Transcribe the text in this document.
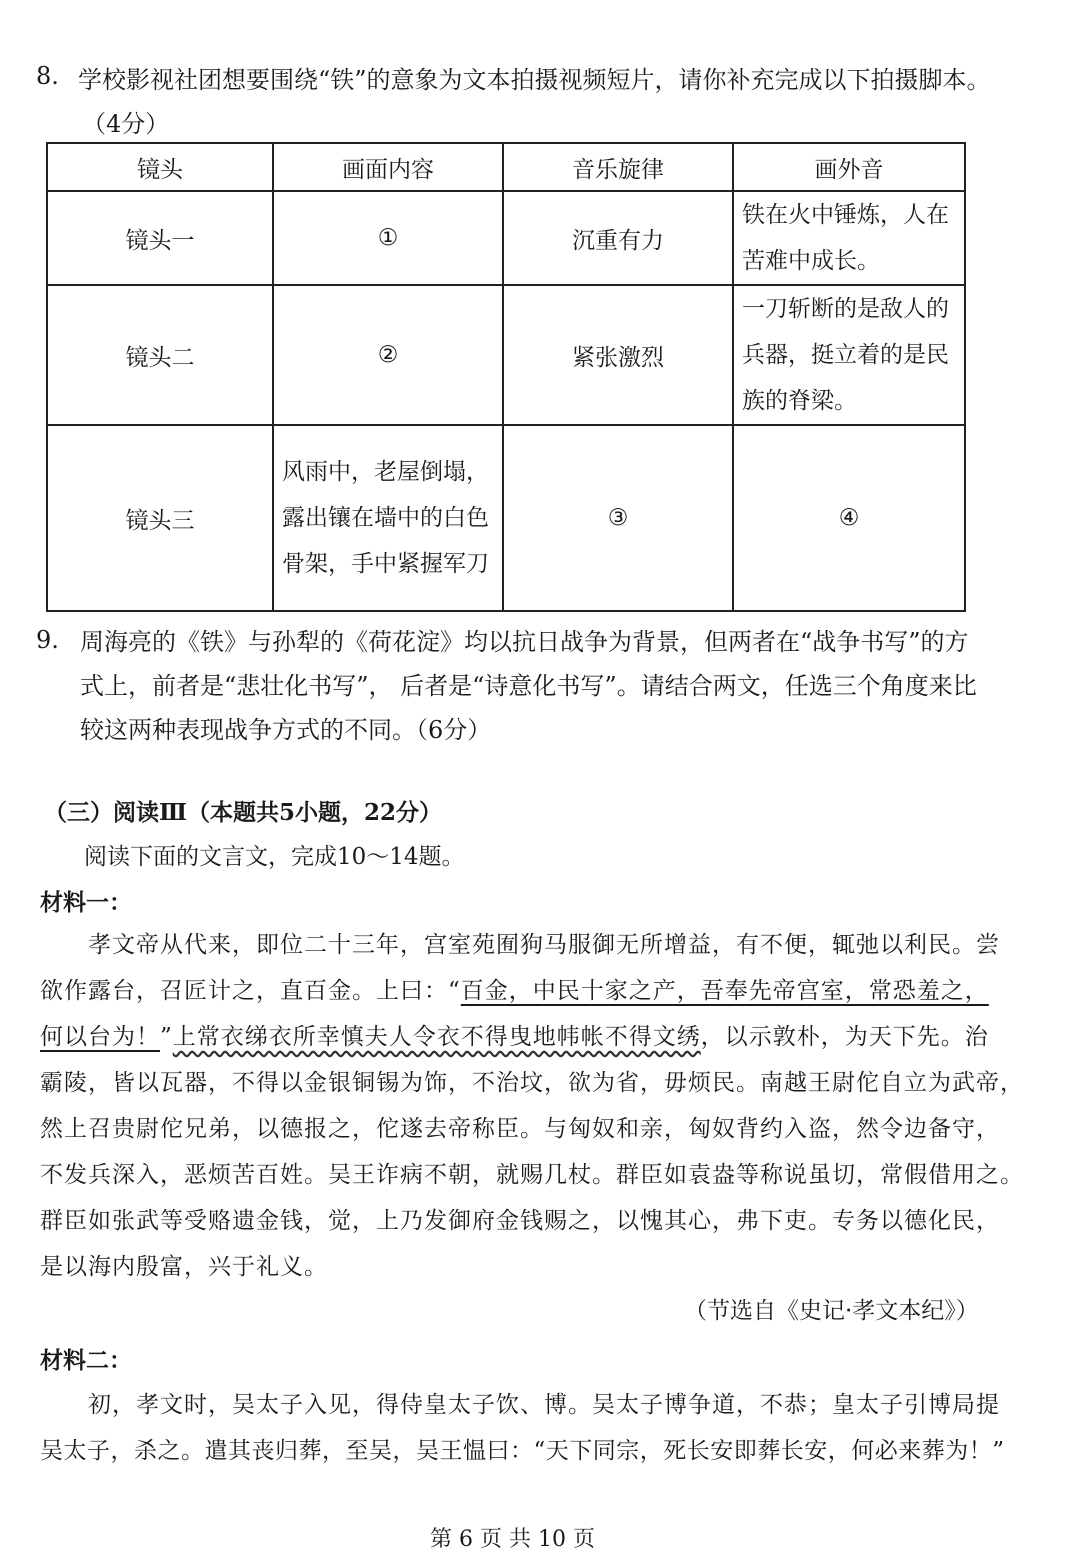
8. 学校影视社团想要围绕“铁”的意象为文本拍摄视频短片，请你补充完成以下拍摄脚本。
（4分）
镜头	画面内容	音乐旋律	画外音
镜头一	①	沉重有力	铁在火中锤炼，人在苦难中成长。
镜头二	②	紧张激烈	一刀斩断的是敌人的兵器，挺立着的是民族的脊梁。
镜头三	风雨中，老屋倒塌，露出镶在墙中的白色骨架，手中紧握军刀	③	④
9. 周海亮的《铁》与孙犁的《荷花淀》均以抗日战争为背景，但两者在“战争书写”的方
式上，前者是“悲壮化书写”， 后者是“诗意化书写”。请结合两文，任选三个角度来比
较这两种表现战争方式的不同。（6分）
（三）阅读Ⅲ（本题共5小题，22分）
阅读下面的文言文，完成10～14题。
材料一：
孝文帝从代来，即位二十三年，宫室苑囿狗马服御无所增益，有不便，辄弛以利民。尝
欲作露台，召匠计之，直百金。上曰：“百金，中民十家之产，吾奉先帝宫室，常恐羞之，
何以台为！”上常衣绨衣所幸慎夫人令衣不得曳地帏帐不得文绣，以示敦朴，为天下先。治
霸陵，皆以瓦器，不得以金银铜锡为饰，不治坟，欲为省，毋烦民。南越王尉佗自立为武帝，
然上召贵尉佗兄弟，以德报之，佗遂去帝称臣。与匈奴和亲，匈奴背约入盗，然令边备守，
不发兵深入，恶烦苦百姓。吴王诈病不朝，就赐几杖。群臣如袁盎等称说虽切，常假借用之。
群臣如张武等受赂遗金钱，觉，上乃发御府金钱赐之，以愧其心，弗下吏。专务以德化民，
是以海内殷富，兴于礼义。
（节选自《史记·孝文本纪》）
材料二：
初，孝文时，吴太子入见，得侍皇太子饮、博。吴太子博争道，不恭；皇太子引博局提
吴太子，杀之。遣其丧归葬，至吴，吴王愠曰：“天下同宗，死长安即葬长安，何必来葬为！”
第 6 页 共 10 页
